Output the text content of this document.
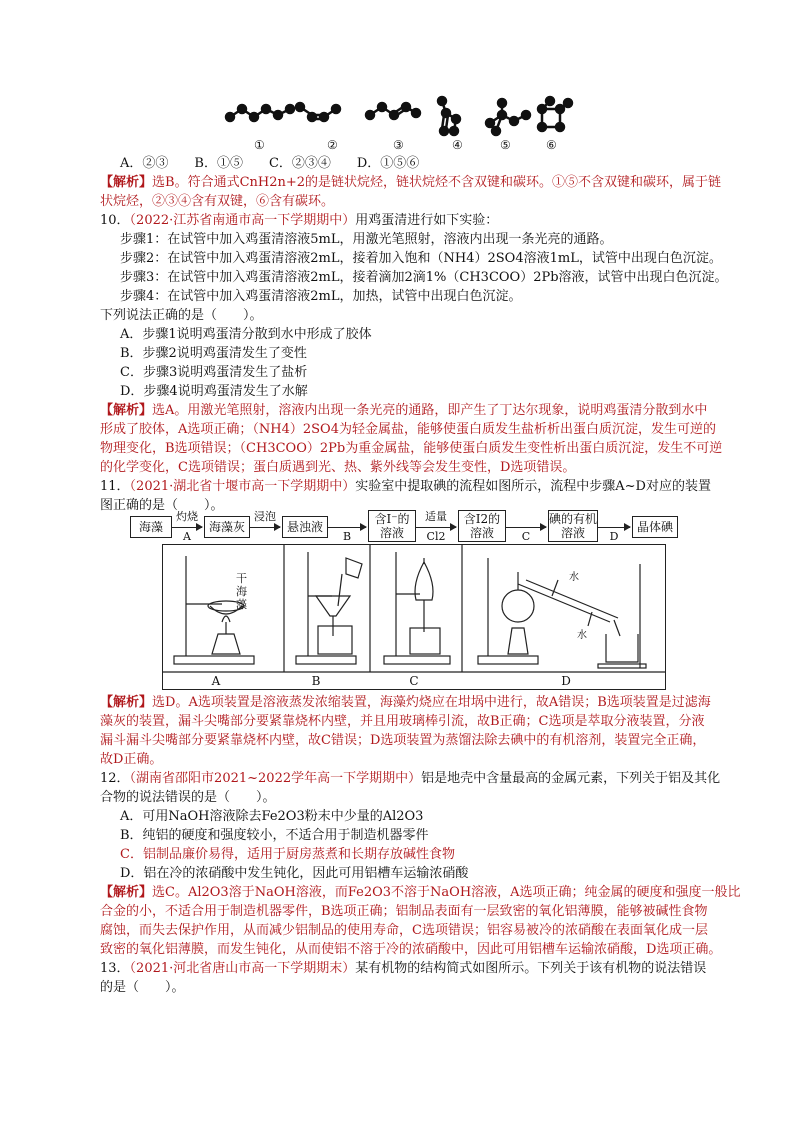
①	②	③	④	⑤	⑥
A．②③　　B．①⑤　　C．②③④　　D．①⑤⑥
【解析】选B。符合通式CnH2n+2的是链状烷烃，链状烷烃不含双键和碳环。①⑤不含双键和碳环，属于链
状烷烃，②③④含有双键，⑥含有碳环。
10．（2022·江苏省南通市高一下学期期中）用鸡蛋清进行如下实验：
步骤1：在试管中加入鸡蛋清溶液5mL，用激光笔照射，溶液内出现一条光亮的通路。
步骤2：在试管中加入鸡蛋清溶液2mL，接着加入饱和（NH4）2SO4溶液1mL，试管中出现白色沉淀。
步骤3：在试管中加入鸡蛋清溶液2mL，接着滴加2滴1%（CH3COO）2Pb溶液，试管中出现白色沉淀。
步骤4：在试管中加入鸡蛋清溶液2mL，加热，试管中出现白色沉淀。
下列说法正确的是（　　）。
A．步骤1说明鸡蛋清分散到水中形成了胶体
B．步骤2说明鸡蛋清发生了变性
C．步骤3说明鸡蛋清发生了盐析
D．步骤4说明鸡蛋清发生了水解
【解析】选A。用激光笔照射，溶液内出现一条光亮的通路，即产生了丁达尔现象，说明鸡蛋清分散到水中
形成了胶体，A选项正确；（NH4）2SO4为轻金属盐，能够使蛋白质发生盐析析出蛋白质沉淀，发生可逆的
物理变化，B选项错误；（CH3COO）2Pb为重金属盐，能够使蛋白质发生变性析出蛋白质沉淀，发生不可逆
的化学变化，C选项错误；蛋白质遇到光、热、紫外线等会发生变性，D选项错误。
11．（2021·湖北省十堰市高一下学期期中）实验室中提取碘的流程如图所示，流程中步骤A~D对应的装置
图正确的是（　　）。
海藻
灼烧
A
海藻灰
浸泡
悬浊液
B
含I⁻的溶液
适量
Cl2
含I2的溶液	C
碘的有机溶液	D
晶体碘
干海藻
水
水
A	B	C	D
【解析】选D。A选项装置是溶液蒸发浓缩装置，海藻灼烧应在坩埚中进行，故A错误；B选项装置是过滤海
藻灰的装置，漏斗尖嘴部分要紧靠烧杯内壁，并且用玻璃棒引流，故B正确；C选项是萃取分液装置，分液
漏斗漏斗尖嘴部分要紧靠烧杯内壁，故C错误；D选项装置为蒸馏法除去碘中的有机溶剂，装置完全正确，
故D正确。
12．（湖南省邵阳市2021~2022学年高一下学期期中）铝是地壳中含量最高的金属元素，下列关于铝及其化
合物的说法错误的是（　　）。
A．可用NaOH溶液除去Fe2O3粉末中少量的Al2O3
B．纯铝的硬度和强度较小，不适合用于制造机器零件
C．铝制品廉价易得，适用于厨房蒸煮和长期存放碱性食物
D．铝在冷的浓硝酸中发生钝化，因此可用铝槽车运输浓硝酸
【解析】选C。Al2O3溶于NaOH溶液，而Fe2O3不溶于NaOH溶液，A选项正确；纯金属的硬度和强度一般比
合金的小，不适合用于制造机器零件，B选项正确；铝制品表面有一层致密的氧化铝薄膜，能够被碱性食物
腐蚀，而失去保护作用，从而减少铝制品的使用寿命，C选项错误；铝容易被冷的浓硝酸在表面氧化成一层
致密的氧化铝薄膜，而发生钝化，从而使铝不溶于冷的浓硝酸中，因此可用铝槽车运输浓硝酸，D选项正确。
13．（2021·河北省唐山市高一下学期期末）某有机物的结构简式如图所示。下列关于该有机物的说法错误
的是（　　）。
